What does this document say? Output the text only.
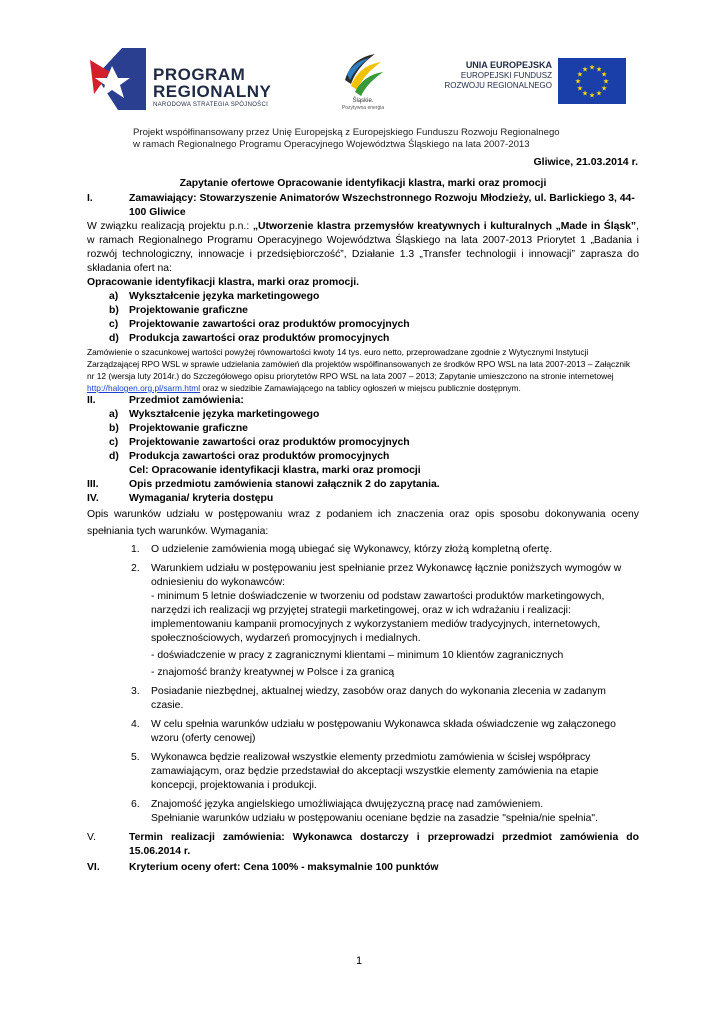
PROGRAM
REGIONALNY
NARODOWA STRATEGIA SPÓJNOŚCI
Śląskie.
Pozytywna energia
UNIA EUROPEJSKA
EUROPEJSKI FUNDUSZ
ROZWOJU REGIONALNEGO
★ ★
★
★
★
★
★
★
★
★
★
★
Projekt współfinansowany przez Unię Europejską z Europejskiego Funduszu Rozwoju Regionalnego
w ramach Regionalnego Programu Operacyjnego Województwa Śląskiego na lata 2007-2013
Gliwice, 21.03.2014 r.
Zapytanie ofertowe Opracowanie identyfikacji klastra, marki oraz promocji
I.	Zamawiający: Stowarzyszenie Animatorów Wszechstronnego Rozwoju Młodzieży, ul. Barlickiego 3, 44-100 Gliwice
W związku realizacją projektu p.n.: „Utworzenie klastra przemysłów kreatywnych i kulturalnych „Made in Śląsk”, w ramach Regionalnego Programu Operacyjnego Województwa Śląskiego na lata 2007-2013 Priorytet 1 „Badania i rozwój technologiczny, innowacje i przedsiębiorczość”, Działanie 1.3 „Transfer technologii i innowacji” zaprasza do składania ofert na:
Opracowanie identyfikacji klastra, marki oraz promocji.
a) Wykształcenie języka marketingowego
b) Projektowanie graficzne
c) Projektowanie zawartości oraz produktów promocyjnych
d) Produkcja zawartości oraz produktów promocyjnych
Zamówienie o szacunkowej wartości powyżej równowartości kwoty 14 tys. euro netto, przeprowadzane zgodnie z Wytycznymi Instytucji Zarządzającej RPO WSL w sprawie udzielania zamówień dla projektów współfinansowanych ze środków RPO WSL na lata 2007-2013 – Załącznik nr 12 (wersja luty 2014r.) do Szczegółowego opisu priorytetów RPO WSL na lata 2007 – 2013; Zapytanie umieszczono na stronie internetowej http://halogen.org.pl/sarm.html oraz w siedzibie Zamawiającego na tablicy ogłoszeń w miejscu publicznie dostępnym.
II.	Przedmiot zamówienia:
a) Wykształcenie języka marketingowego
b) Projektowanie graficzne
c) Projektowanie zawartości oraz produktów promocyjnych
d) Produkcja zawartości oraz produktów promocyjnych
Cel: Opracowanie identyfikacji klastra, marki oraz promocji
III.	Opis przedmiotu zamówienia stanowi załącznik 2 do zapytania.
IV.	Wymagania/ kryteria dostępu
Opis warunków udziału w postępowaniu wraz z podaniem ich znaczenia oraz opis sposobu dokonywania oceny spełniania tych warunków. Wymagania:
1. O udzielenie zamówienia mogą ubiegać się Wykonawcy, którzy złożą kompletną ofertę.
2. Warunkiem udziału w postępowaniu jest spełnianie przez Wykonawcę łącznie poniższych wymogów w odniesieniu do wykonawców:
- minimum 5 letnie doświadczenie w tworzeniu od podstaw zawartości produktów marketingowych, narzędzi ich realizacji wg przyjętej strategii marketingowej, oraz w ich wdrażaniu i realizacji: implementowaniu kampanii promocyjnych z wykorzystaniem mediów tradycyjnych, internetowych, społecznościowych, wydarzeń promocyjnych i medialnych.
- doświadczenie w pracy z zagranicznymi klientami – minimum 10 klientów zagranicznych
- znajomość branży kreatywnej w Polsce i za granicą
3. Posiadanie niezbędnej, aktualnej wiedzy, zasobów oraz danych do wykonania zlecenia w zadanym czasie.
4. W celu spełnia warunków udziału w postępowaniu Wykonawca składa oświadczenie wg załączonego wzoru (oferty cenowej)
5. Wykonawca będzie realizował wszystkie elementy przedmiotu zamówienia w ścisłej współpracy zamawiającym, oraz będzie przedstawiał do akceptacji wszystkie elementy zamówienia na etapie koncepcji, projektowania i produkcji.
6. Znajomość języka angielskiego umożliwiająca dwujęzyczną pracę nad zamówieniem.
Spełnianie warunków udziału w postępowaniu oceniane będzie na zasadzie "spełnia/nie spełnia".
V.	Termin realizacji zamówienia: Wykonawca dostarczy i przeprowadzi przedmiot zamówienia do 15.06.2014 r.
VI.	Kryterium oceny ofert: Cena 100% - maksymalnie 100 punktów
1
